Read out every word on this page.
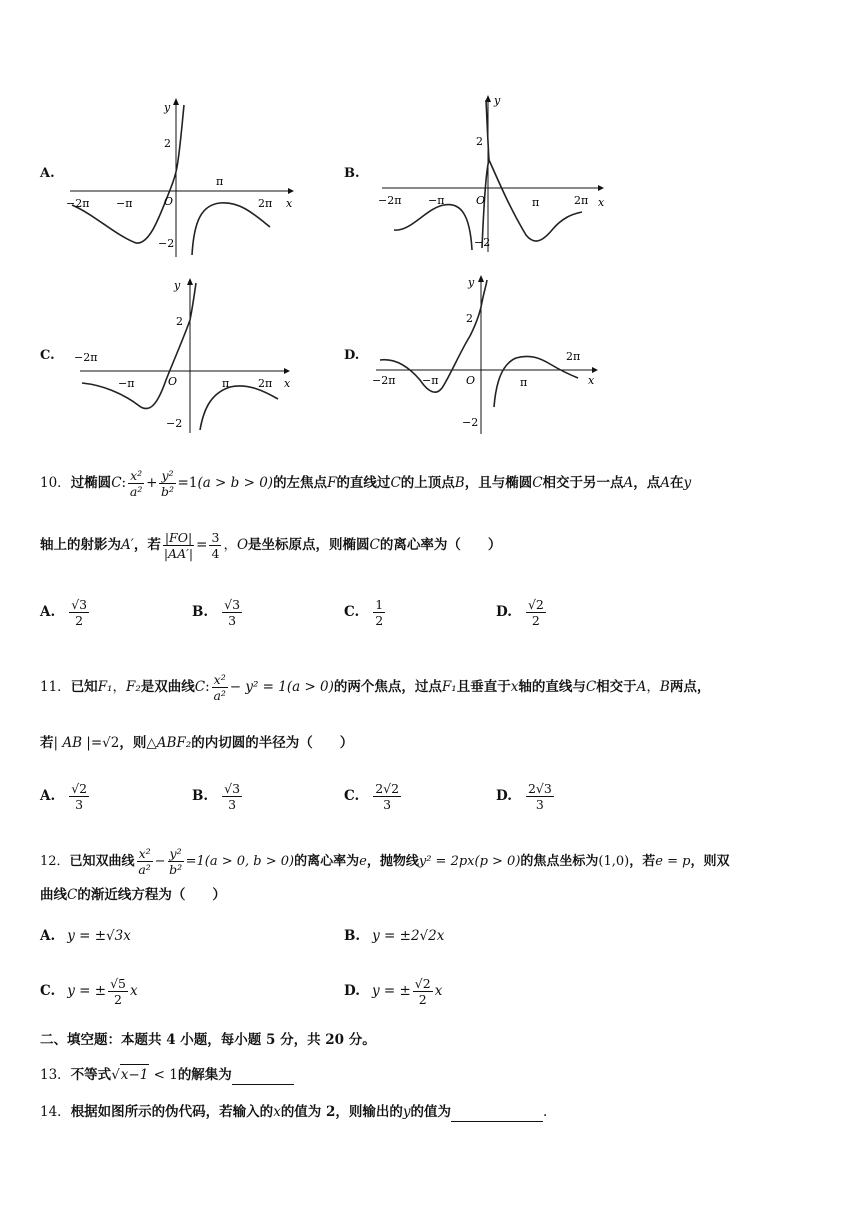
A.	B.
C.	D.
y
x
2
−2
−2π −π	O
π
2π
y
x
2
−2
−2π −π	O	π	2π
y
x
2
−2
−2π
−π	O	π	2π
y
x
2
−2
−2π −π	O	π
2π
10．过椭圆C: $\frac{\text{x²}}{\text{a²}} + \frac{\text{y²}}{\text{b²}} =1(a > b > 0)$的左焦点F的直线过C的上顶点B，且与椭圆C相交于另一点A，点A在y
轴上的射影为A′，若 $\frac{|FO|}{|AA'|} = \frac{3}{4}$ ，O是坐标原点，则椭圆C的离心率为（　　）
A. $\frac{√3}{2}$	B. $\frac{√3}{3}$	C. $\frac{1}{2}$	D. $\frac{√2}{2}$
11．已知F₁，F₂是双曲线C: $\frac{\text{x²}}{\text{a²}} - y^2 = 1(a > 0)$的两个焦点，过点F₁且垂直于x轴的直线与C相交于A，B两点，
若| AB |=√2，则△ABF₂的内切圆的半径为（　　）
A. $\frac{√2}{3}$	B. $\frac{√3}{3}$	C. $\frac{2√2}{3}$	D. $\frac{2√3}{3}$
12．已知双曲线 $\frac{\text{x²}}{\text{a²}} - \frac{\text{y²}}{\text{b²}} =1(a > 0$, b > 0)的离心率为e，抛物线y² = 2px(p > 0)的焦点坐标为(1,0)，若e = p，则双
曲线C的渐近线方程为（　　）
A. y = ±√3x	B. y = ±2√2x
C. y = ± $\frac{√5}{2}$ x	D. y = ± $\frac{√2}{2}$ x
二、填空题：本题共 4 小题，每小题 5 分，共 20 分。
13．不等式√x−1 < 1的解集为
14．根据如图所示的伪代码，若输入的x的值为 2，则输出的y的值为	.
